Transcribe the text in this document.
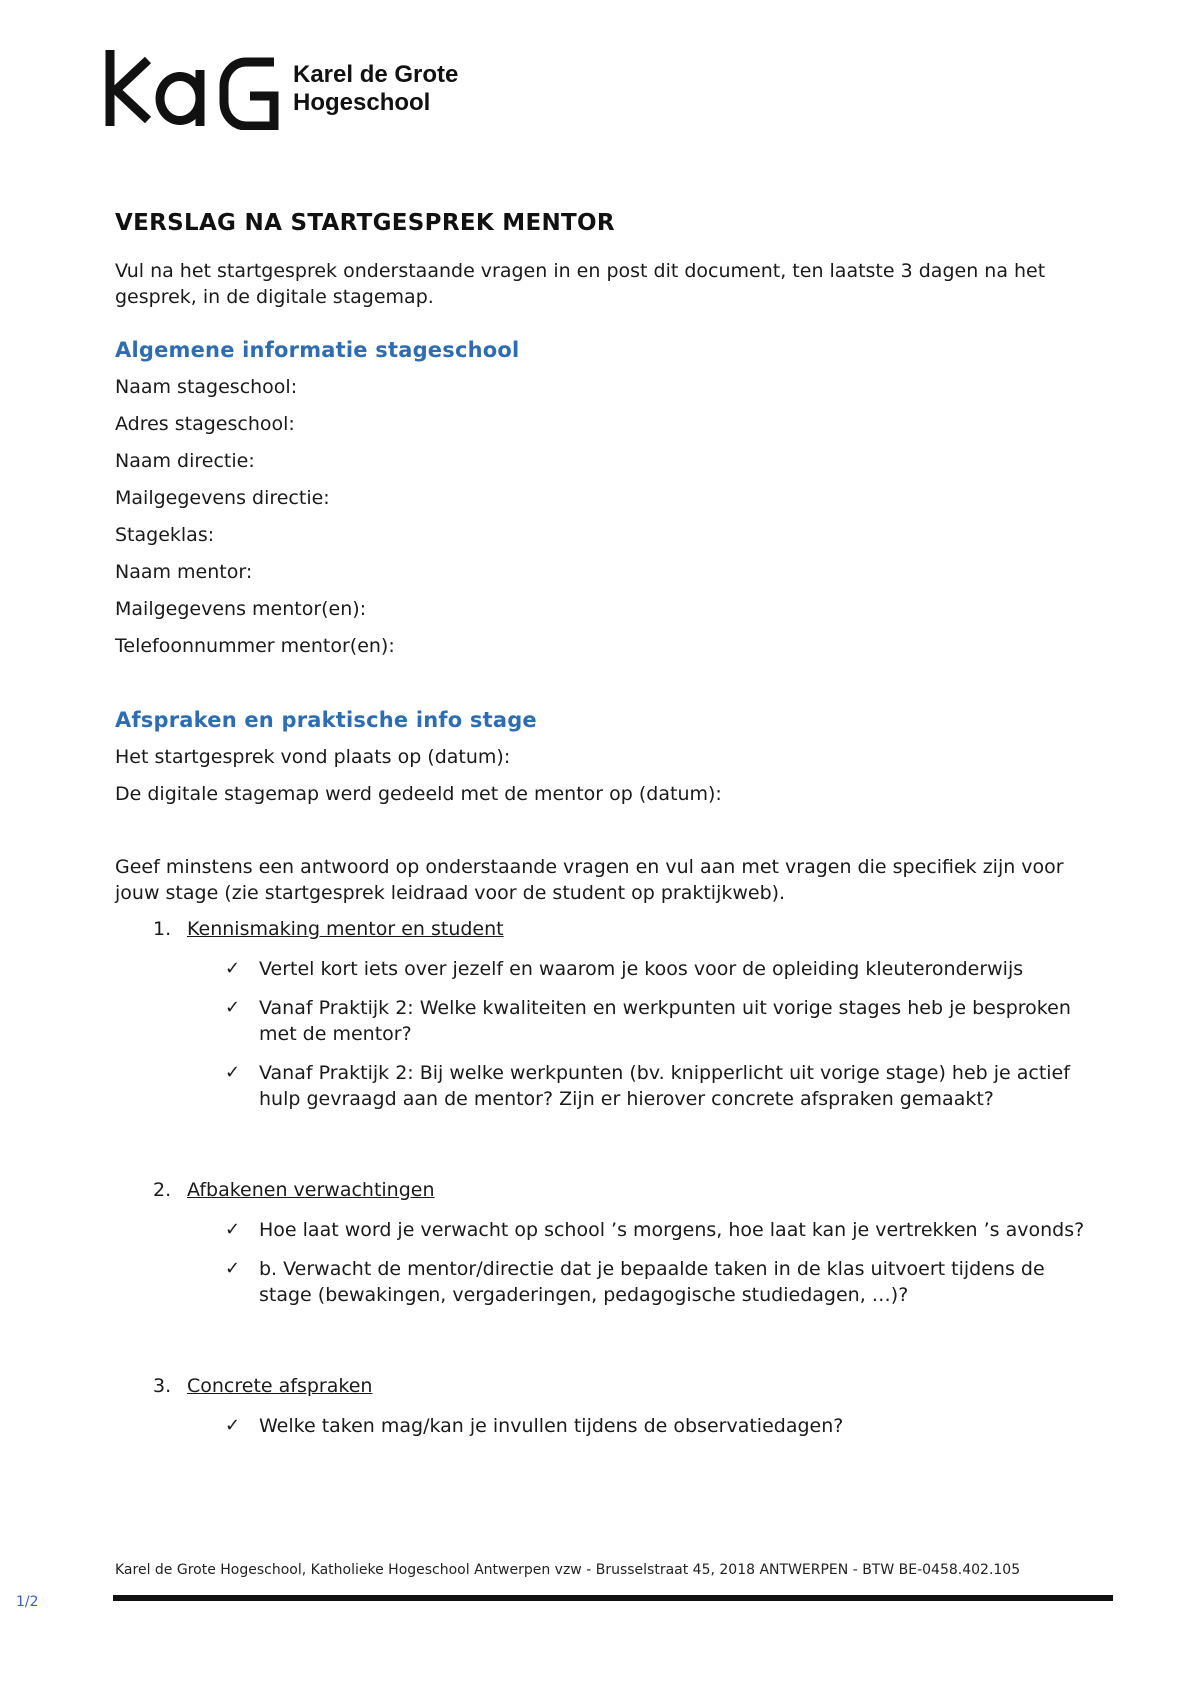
Karel de Grote
Hogeschool
VERSLAG NA STARTGESPREK MENTOR

Vul na het startgesprek onderstaande vragen in en post dit document, ten laatste 3 dagen na het gesprek, in de digitale stagemap.

Algemene informatie stageschool
Naam stageschool:
Adres stageschool:
Naam directie:
Mailgegevens directie:
Stageklas:
Naam mentor:
Mailgegevens mentor(en):
Telefoonnummer mentor(en):
Afspraken en praktische info stage
Het startgesprek vond plaats op (datum):
De digitale stagemap werd gedeeld met de mentor op (datum):

Geef minstens een antwoord op onderstaande vragen en vul aan met vragen die specifiek zijn voor jouw stage (zie startgesprek leidraad voor de student op praktijkweb).

1. Kennismaking mentor en student
✓ Vertel kort iets over jezelf en waarom je koos voor de opleiding kleuteronderwijs
✓ Vanaf Praktijk 2: Welke kwaliteiten en werkpunten uit vorige stages heb je besproken met de mentor?
✓ Vanaf Praktijk 2: Bij welke werkpunten (bv. knipperlicht uit vorige stage) heb je actief hulp gevraagd aan de mentor? Zijn er hierover concrete afspraken gemaakt?
2. Afbakenen verwachtingen
✓ Hoe laat word je verwacht op school ’s morgens, hoe laat kan je vertrekken ’s avonds?
✓ b. Verwacht de mentor/directie dat je bepaalde taken in de klas uitvoert tijdens de stage (bewakingen, vergaderingen, pedagogische studiedagen, …)?
3. Concrete afspraken
✓ Welke taken mag/kan je invullen tijdens de observatiedagen?
Karel de Grote Hogeschool, Katholieke Hogeschool Antwerpen vzw - Brusselstraat 45, 2018 ANTWERPEN - BTW BE-0458.402.105
1/2
